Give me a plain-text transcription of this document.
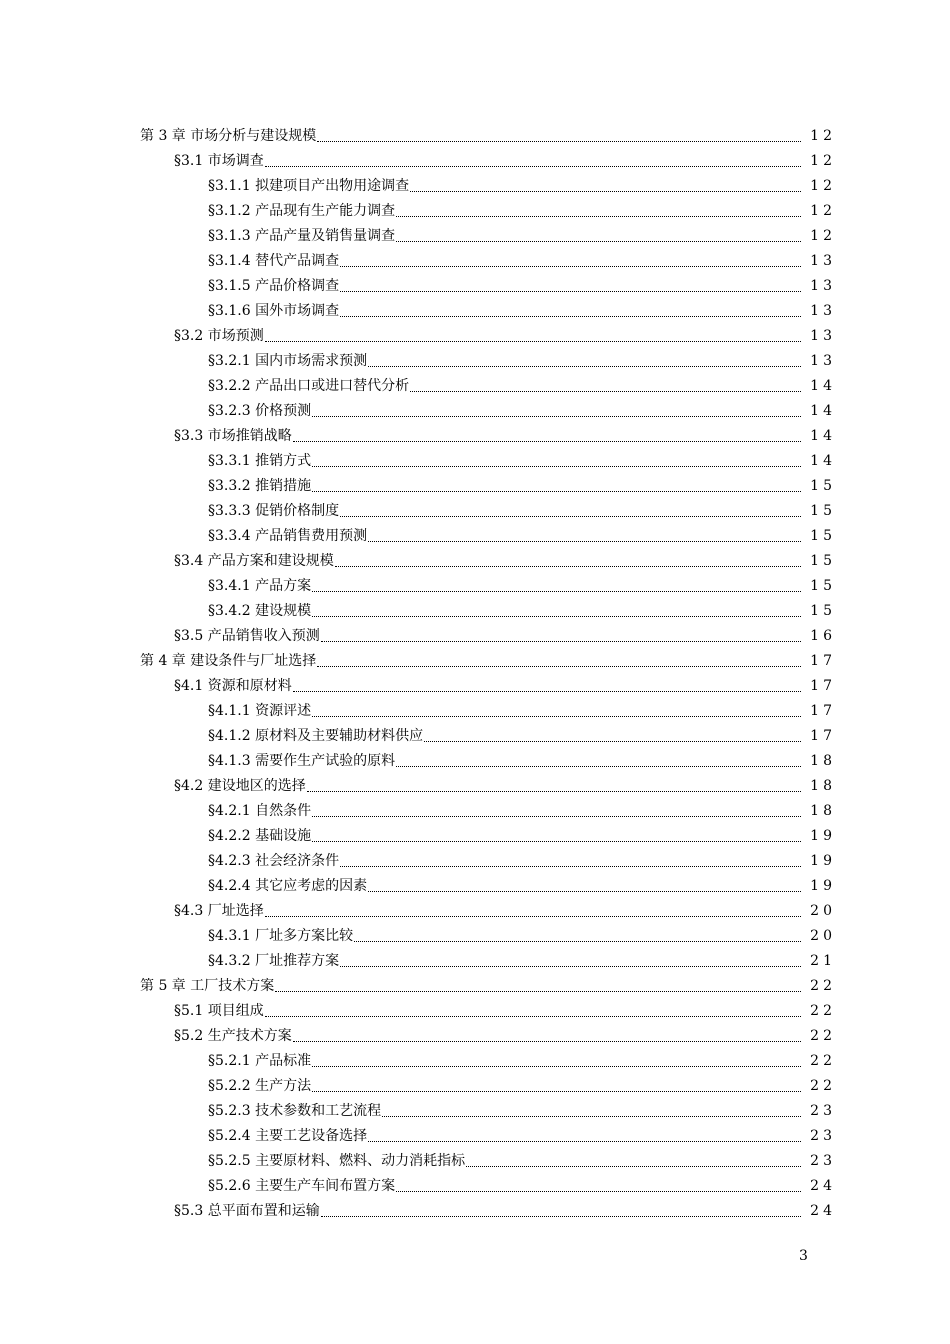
第 3 章 市场分析与建设规模	12
§3.1 市场调查	12
§3.1.1 拟建项目产出物用途调查	12
§3.1.2 产品现有生产能力调查	12
§3.1.3 产品产量及销售量调查	12
§3.1.4 替代产品调查	13
§3.1.5 产品价格调查	13
§3.1.6 国外市场调查	13
§3.2 市场预测	13
§3.2.1 国内市场需求预测	13
§3.2.2 产品出口或进口替代分析	14
§3.2.3 价格预测	14
§3.3 市场推销战略	14
§3.3.1 推销方式	14
§3.3.2 推销措施	15
§3.3.3 促销价格制度	15
§3.3.4 产品销售费用预测	15
§3.4 产品方案和建设规模	15
§3.4.1 产品方案	15
§3.4.2 建设规模	15
§3.5 产品销售收入预测	16
第 4 章 建设条件与厂址选择	17
§4.1 资源和原材料	17
§4.1.1 资源评述	17
§4.1.2 原材料及主要辅助材料供应	17
§4.1.3 需要作生产试验的原料	18
§4.2 建设地区的选择	18
§4.2.1 自然条件	18
§4.2.2 基础设施	19
§4.2.3 社会经济条件	19
§4.2.4 其它应考虑的因素	19
§4.3 厂址选择	20
§4.3.1 厂址多方案比较	20
§4.3.2 厂址推荐方案	21
第 5 章 工厂技术方案	22
§5.1 项目组成	22
§5.2 生产技术方案	22
§5.2.1 产品标准	22
§5.2.2 生产方法	22
§5.2.3 技术参数和工艺流程	23
§5.2.4 主要工艺设备选择	23
§5.2.5 主要原材料、燃料、动力消耗指标	23
§5.2.6 主要生产车间布置方案	24
§5.3 总平面布置和运输	24
3
